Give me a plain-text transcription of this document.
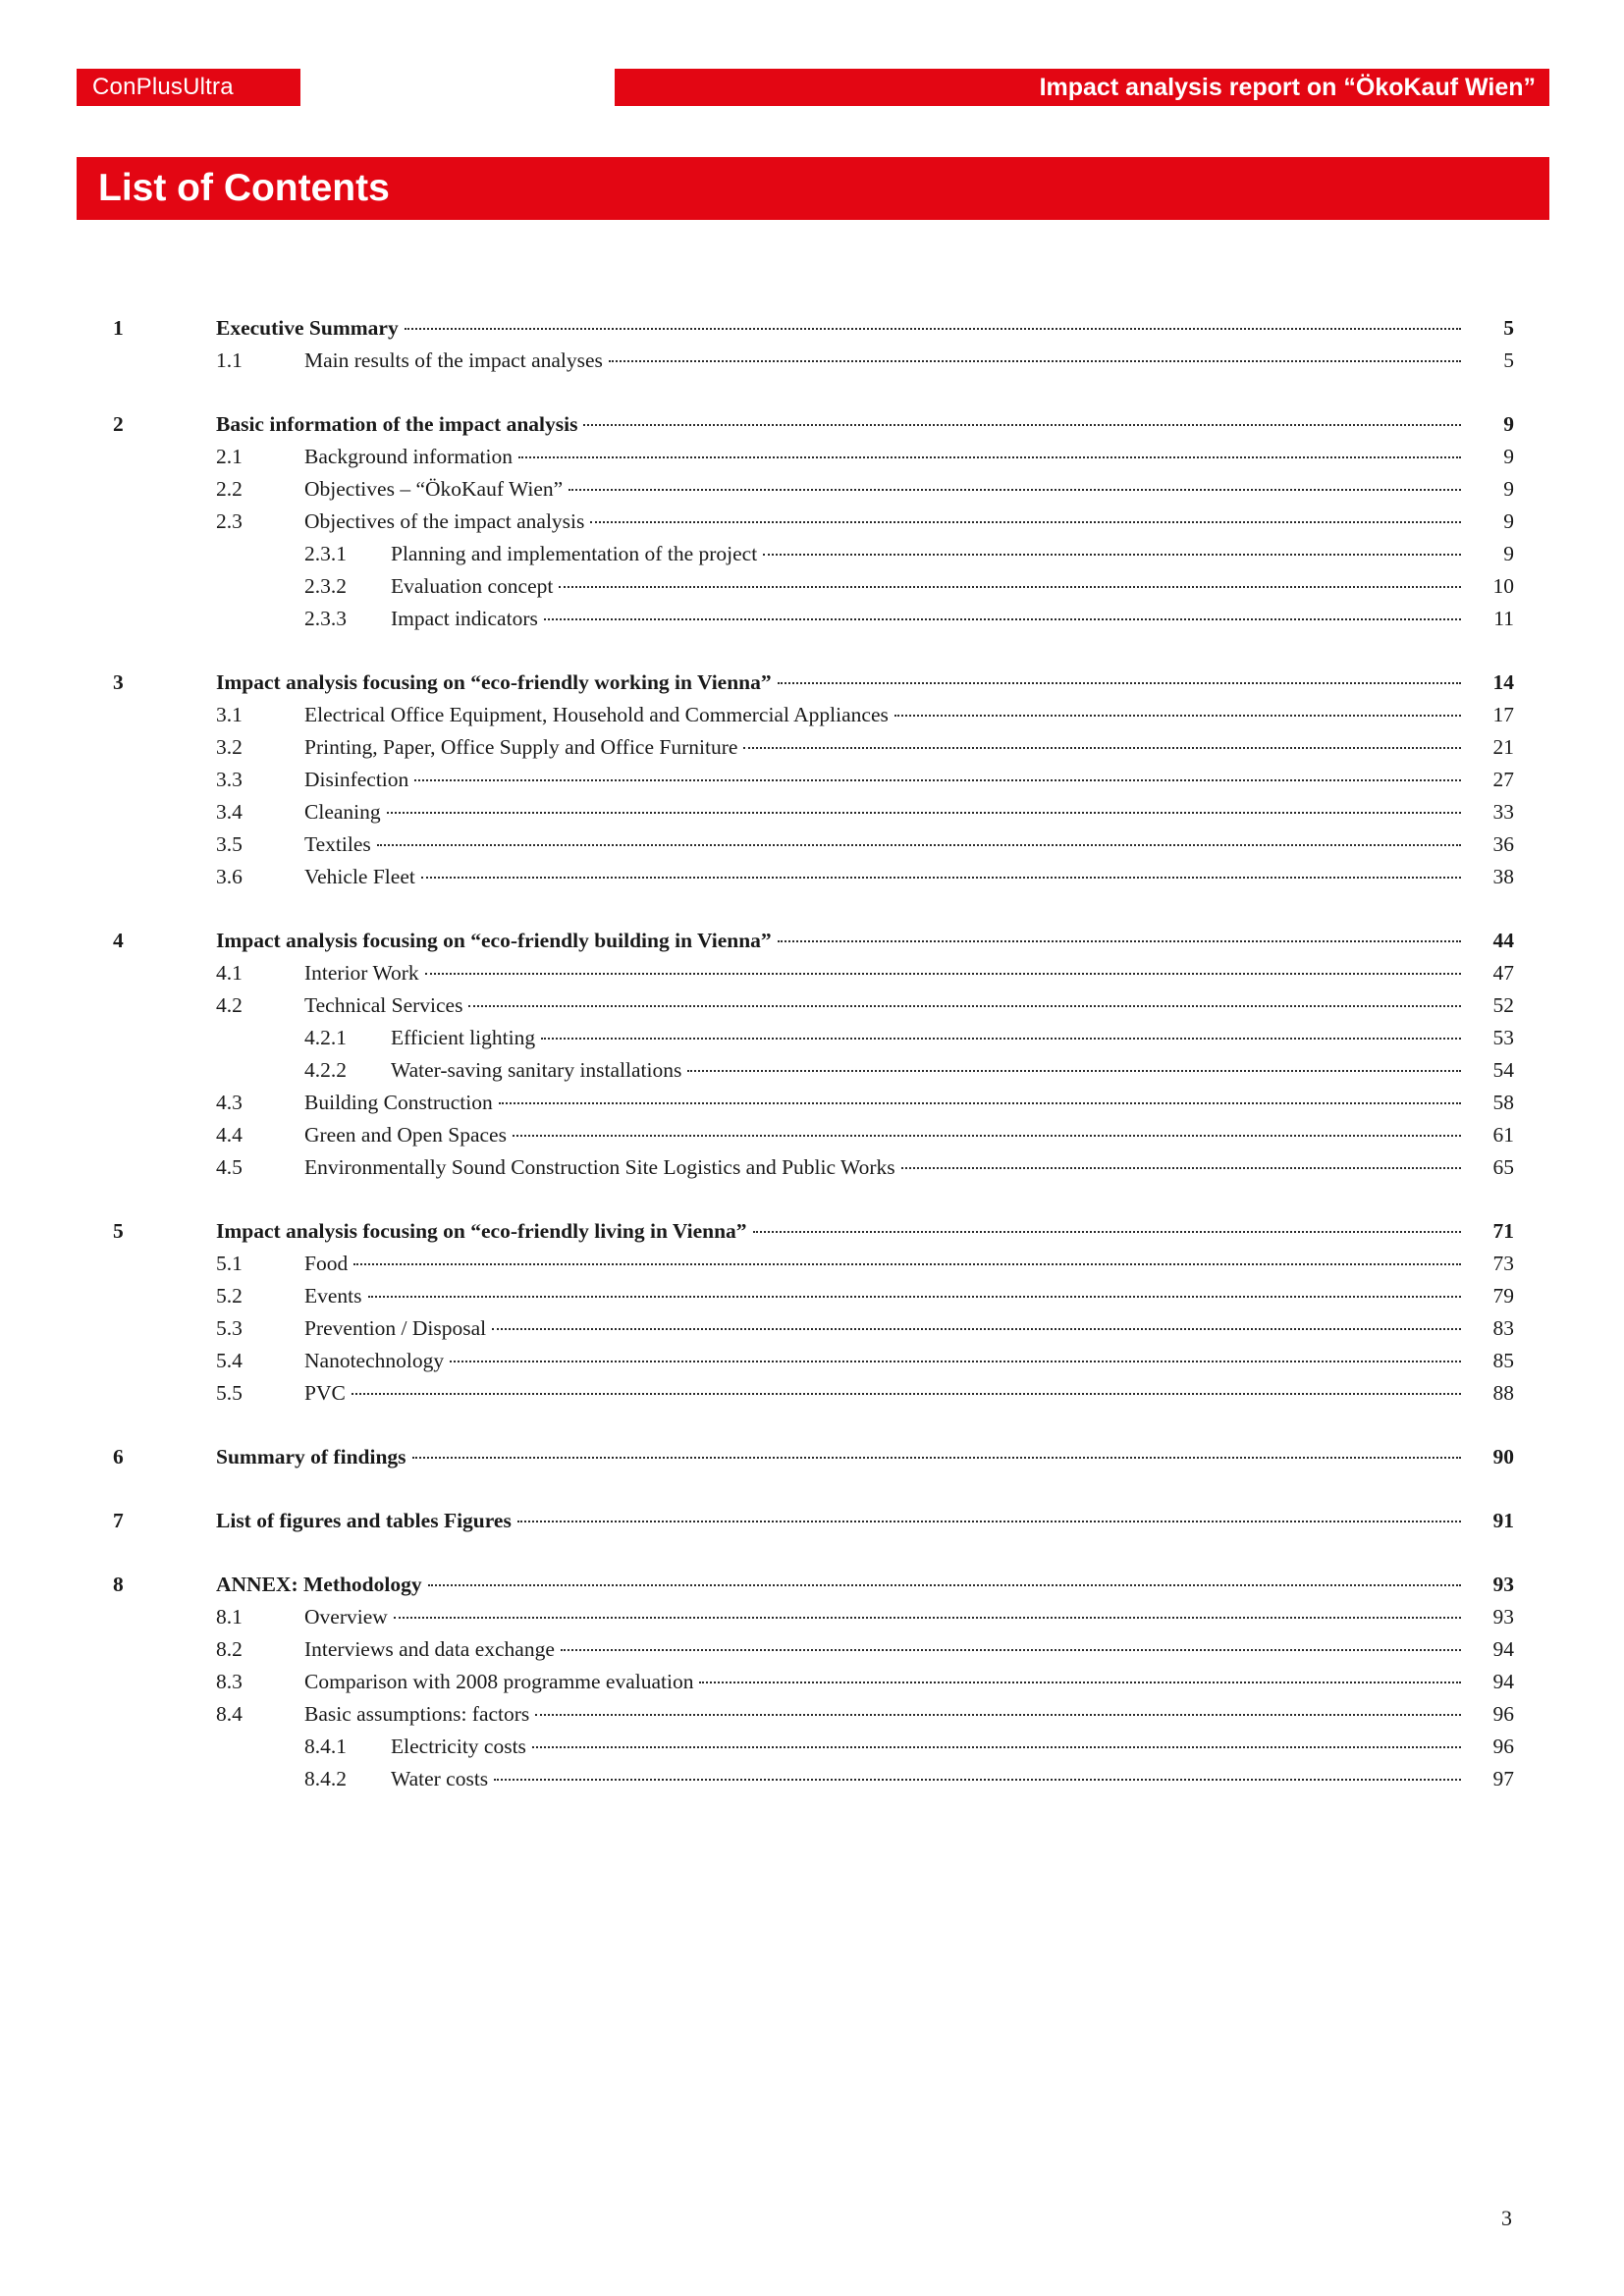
ConPlusUltra	Impact analysis report on “ÖkoKauf Wien”
List of Contents
1	Executive Summary	5
1.1	Main results of the impact analyses	5
2	Basic information of the impact analysis	9
2.1	Background information	9
2.2	Objectives – “ÖkoKauf Wien”	9
2.3	Objectives of the impact analysis	9
2.3.1	Planning and implementation of the project	9
2.3.2	Evaluation concept	10
2.3.3	Impact indicators	11
3	Impact analysis focusing on “eco-friendly working in Vienna”	14
3.1	Electrical Office Equipment, Household and Commercial Appliances	17
3.2	Printing, Paper, Office Supply and Office Furniture	21
3.3	Disinfection	27
3.4	Cleaning	33
3.5	Textiles	36
3.6	Vehicle Fleet	38
4	Impact analysis focusing on “eco-friendly building in Vienna”	44
4.1	Interior Work	47
4.2	Technical Services	52
4.2.1	Efficient lighting	53
4.2.2	Water-saving sanitary installations	54
4.3	Building Construction	58
4.4	Green and Open Spaces	61
4.5	Environmentally Sound Construction Site Logistics and Public Works	65
5	Impact analysis focusing on “eco-friendly living in Vienna”	71
5.1	Food	73
5.2	Events	79
5.3	Prevention / Disposal	83
5.4	Nanotechnology	85
5.5	PVC	88
6	Summary of findings	90
7	List of figures and tables Figures	91
8	ANNEX: Methodology	93
8.1	Overview	93
8.2	Interviews and data exchange	94
8.3	Comparison with 2008 programme evaluation	94
8.4	Basic assumptions: factors	96
8.4.1	Electricity costs	96
8.4.2	Water costs	97
3
